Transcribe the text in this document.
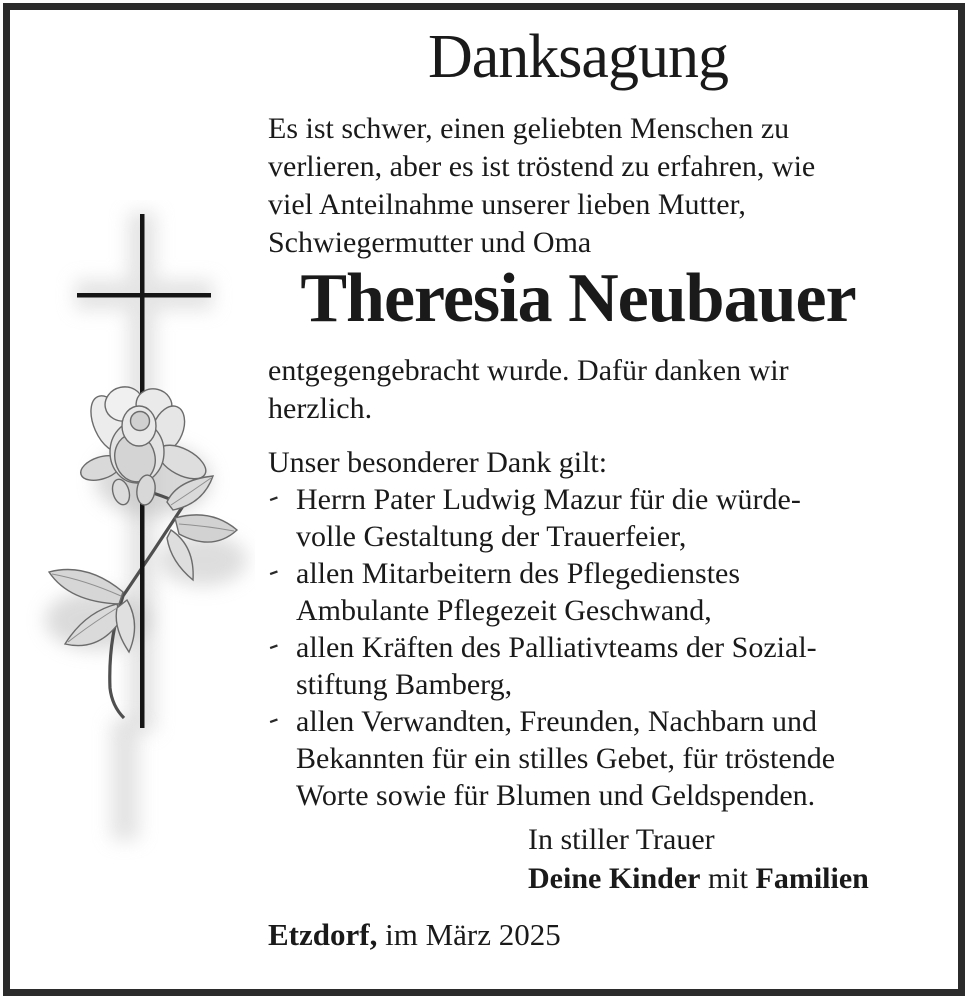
Danksagung
Es ist schwer, einen geliebten Menschen zu
verlieren, aber es ist tröstend zu erfahren, wie
viel Anteilnahme unserer lieben Mutter,
Schwiegermutter und Oma
Theresia Neubauer
entgegengebracht wurde. Dafür danken wir
herzlich.
Unser besonderer Dank gilt:
- Herrn Pater Ludwig Mazur für die würde-
volle Gestaltung der Trauerfeier,
- allen Mitarbeitern des Pflegedienstes
Ambulante Pflegezeit Geschwand,
- allen Kräften des Palliativteams der Sozial-
stiftung Bamberg,
- allen Verwandten, Freunden, Nachbarn und
Bekannten für ein stilles Gebet, für tröstende
Worte sowie für Blumen und Geldspenden.
In stiller Trauer
Deine Kinder mit Familien
Etzdorf, im März 2025
